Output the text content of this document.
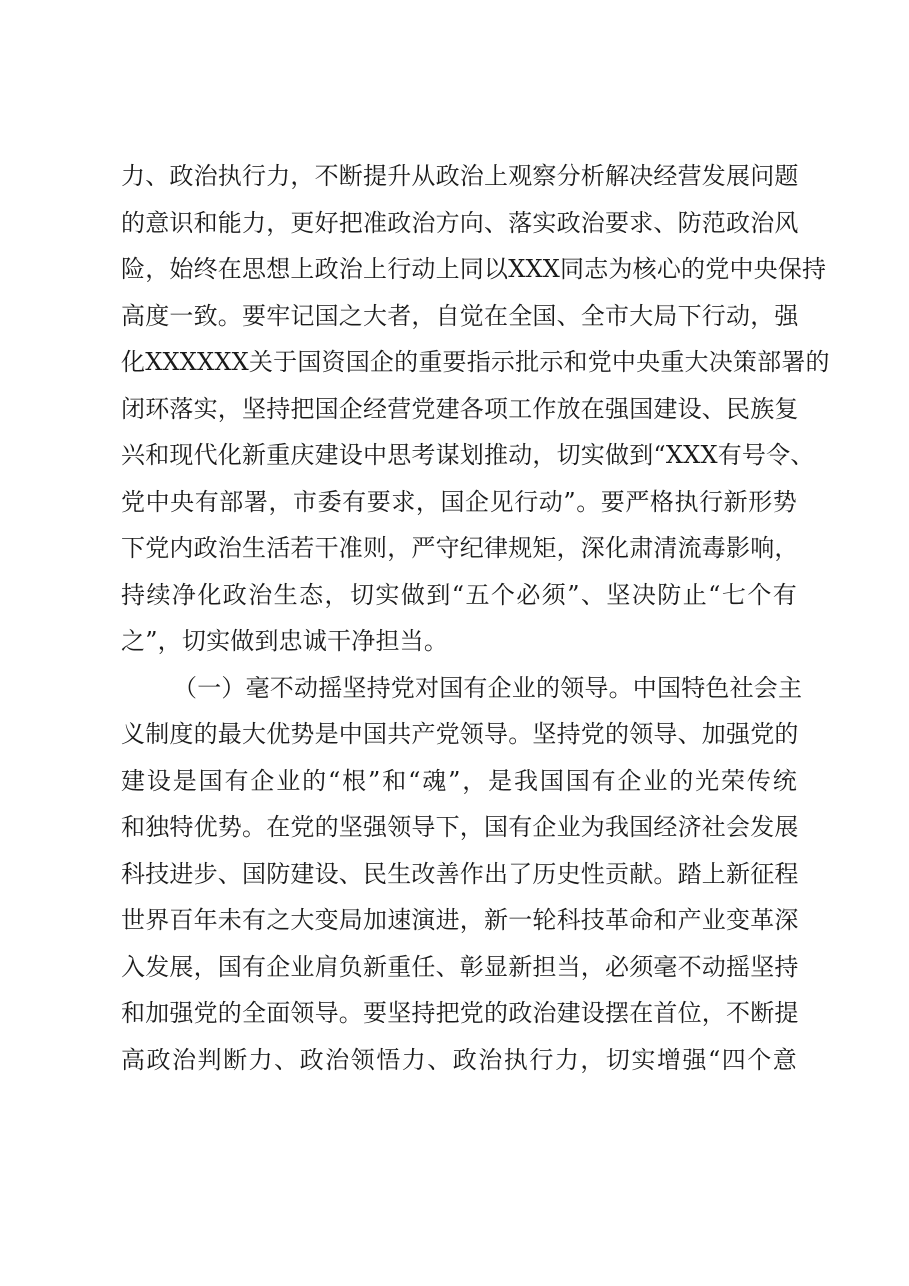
力、政治执行力，不断提升从政治上观察分析解决经营发展问题
的意识和能力，更好把准政治方向、落实政治要求、防范政治风
险，始终在思想上政治上行动上同以XXX同志为核心的党中央保持
高度一致。要牢记国之大者，自觉在全国、全市大局下行动，强
化XXXXXX关于国资国企的重要指示批示和党中央重大决策部署的
闭环落实，坚持把国企经营党建各项工作放在强国建设、民族复
兴和现代化新重庆建设中思考谋划推动，切实做到“XXX有号令、
党中央有部署，市委有要求，国企见行动”。要严格执行新形势
下党内政治生活若干准则，严守纪律规矩，深化肃清流毒影响，
持续净化政治生态，切实做到“五个必须”、坚决防止“七个有
之”，切实做到忠诚干净担当。
（一）毫不动摇坚持党对国有企业的领导。中国特色社会主
义制度的最大优势是中国共产党领导。坚持党的领导、加强党的
建设是国有企业的“根”和“魂”，是我国国有企业的光荣传统
和独特优势。在党的坚强领导下，国有企业为我国经济社会发展
科技进步、国防建设、民生改善作出了历史性贡献。踏上新征程
世界百年未有之大变局加速演进，新一轮科技革命和产业变革深
入发展，国有企业肩负新重任、彰显新担当，必须毫不动摇坚持
和加强党的全面领导。要坚持把党的政治建设摆在首位，不断提
高政治判断力、政治领悟力、政治执行力，切实增强“四个意
